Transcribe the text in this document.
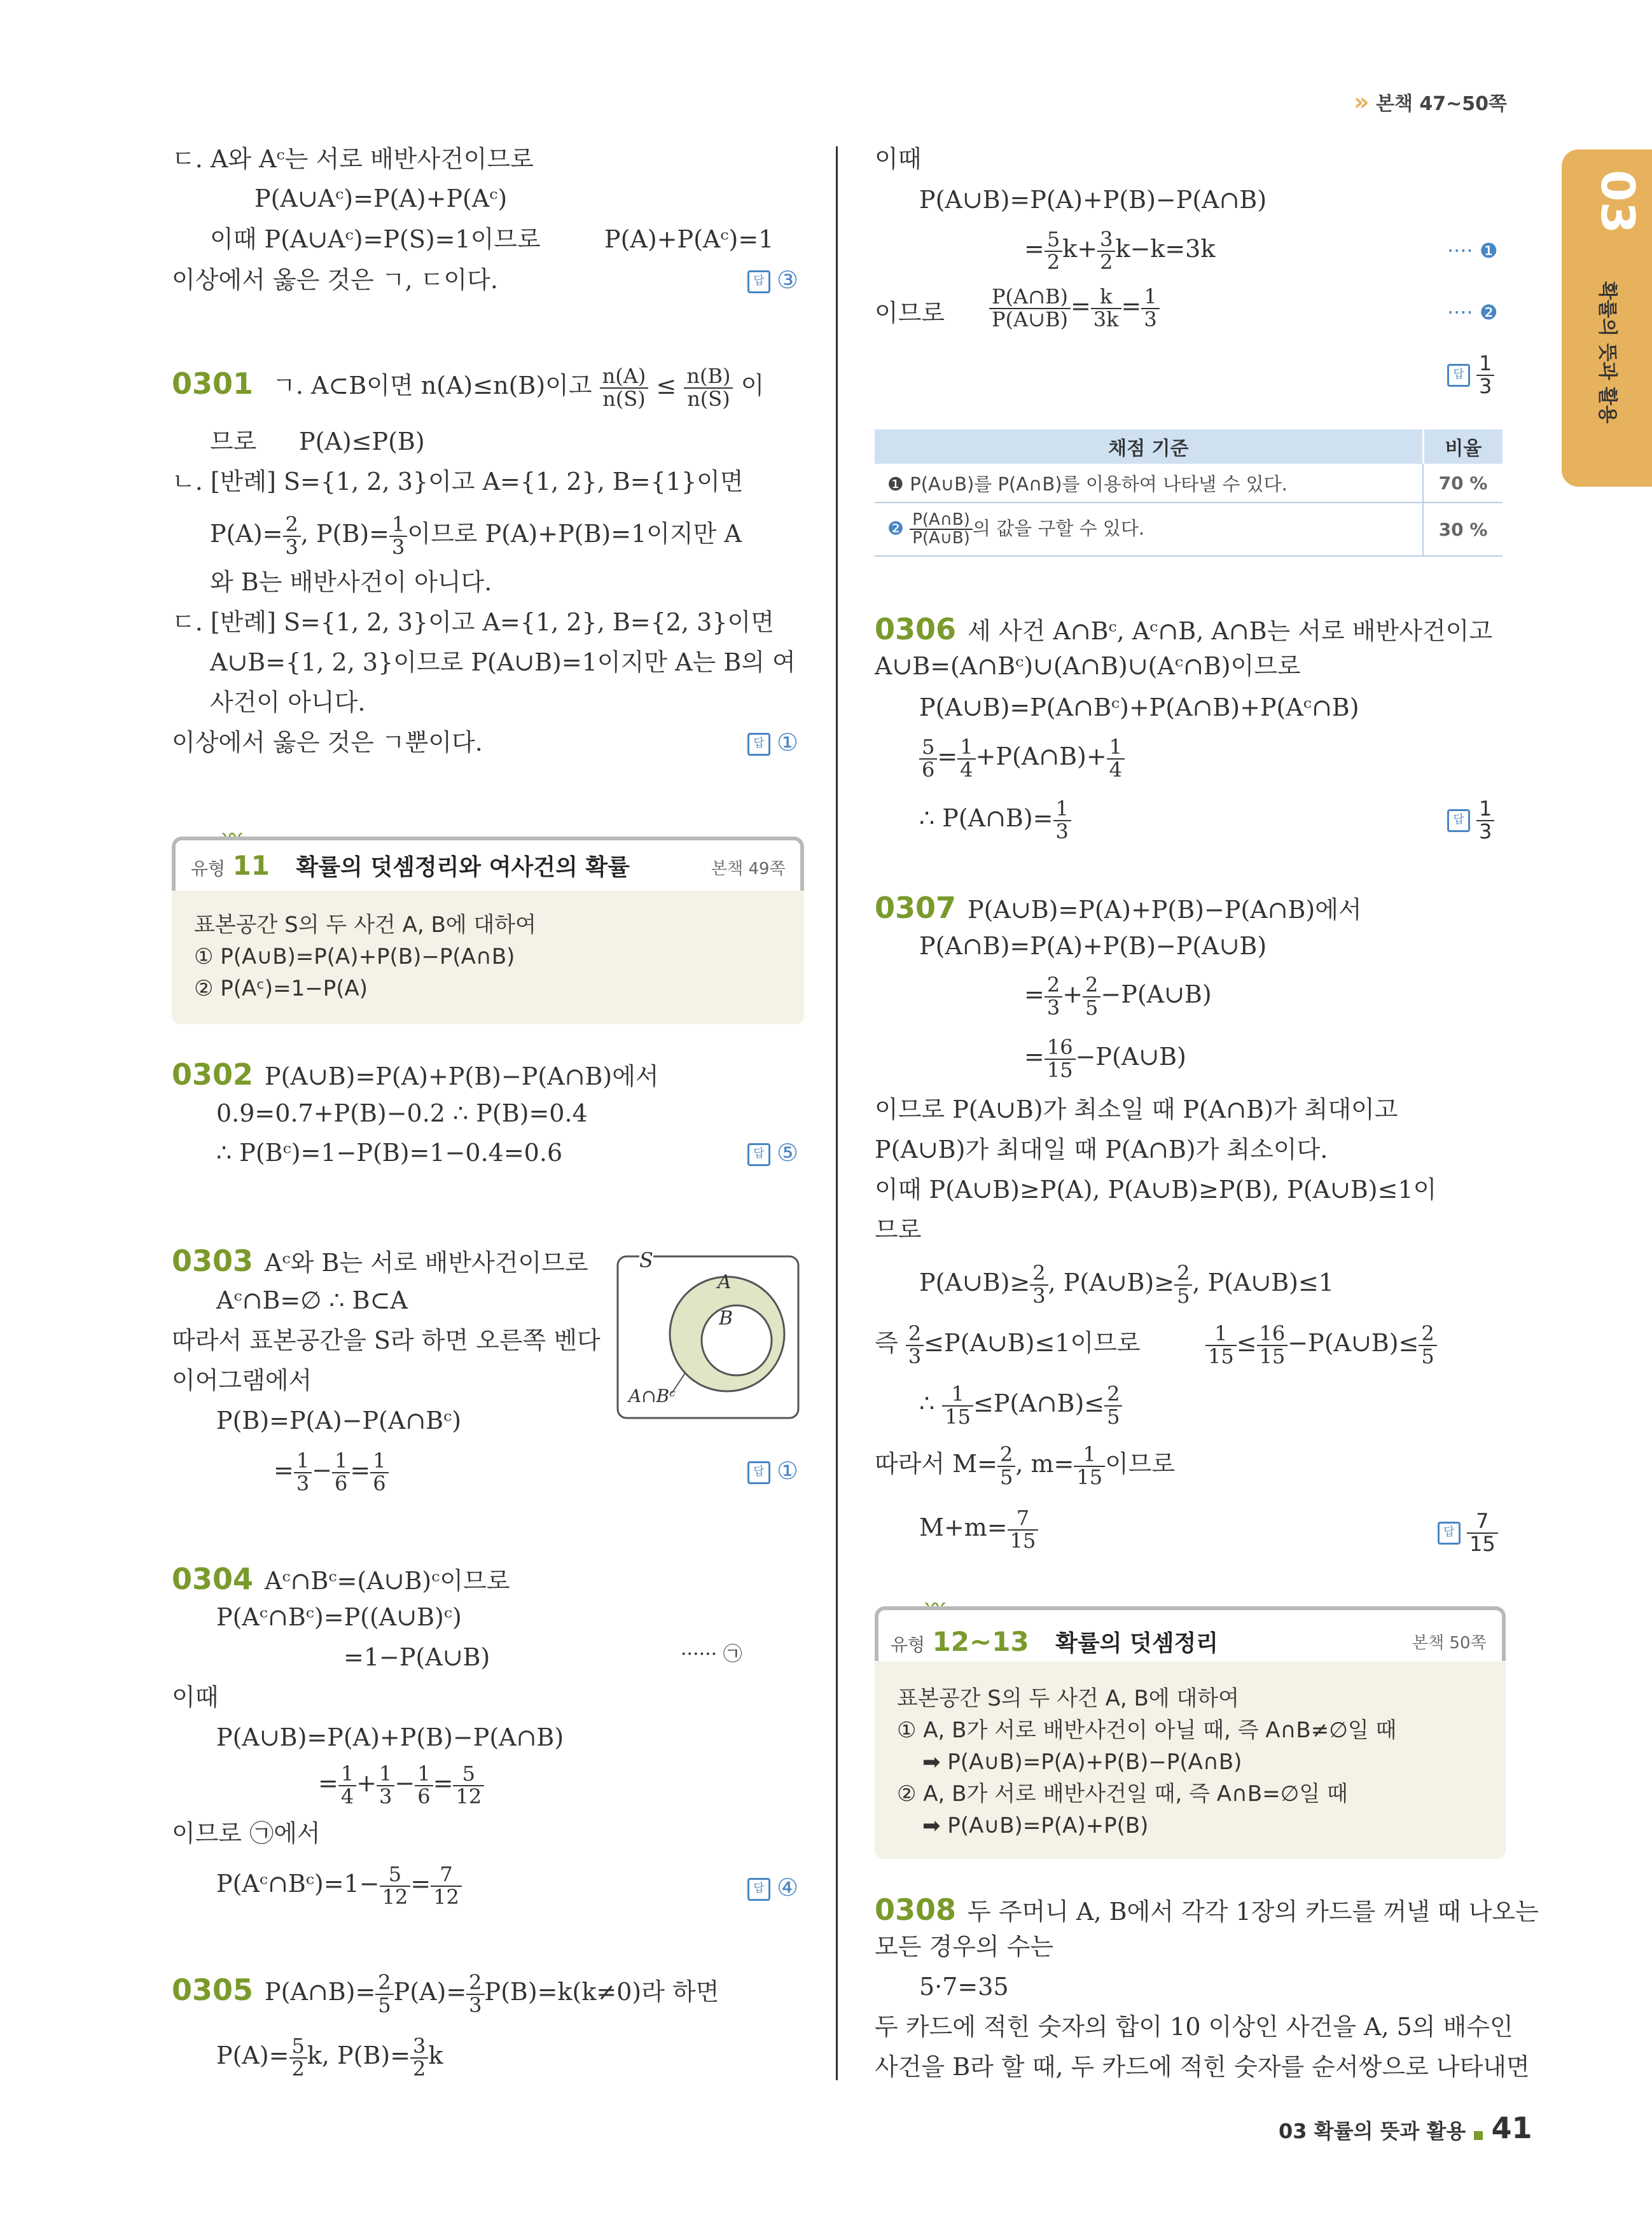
» 본책 47~50쪽
03
확률의 뜻과 활용
ㄷ. A와 Aᶜ는 서로 배반사건이므로
P(A∪Aᶜ)=P(A)+P(Aᶜ)
이때 P(A∪Aᶜ)=P(S)=1이므로	P(A)+P(Aᶜ)=1
이상에서 옳은 것은 ㄱ, ㄷ이다.	답 ③
0301 ㄱ. A⊂B이면 n(A)≤n(B)이고 $\frac{n(A)}{n(S)} \le \frac{n(B)}{n(S)}$ 이
므로 P(A)≤P(B)
ㄴ. [반례] S={1, 2, 3}이고 A={1, 2}, B={1}이면
$P(A)= \frac{2}{3}$ , $P(B)= \frac{1}{3}$ 이므로 P(A)+P(B)=1이지만 A
와 B는 배반사건이 아니다.
ㄷ. [반례] S={1, 2, 3}이고 A={1, 2}, B={2, 3}이면
A∪B={1, 2, 3}이므로 P(A∪B)=1이지만 A는 B의 여
사건이 아니다.
이상에서 옳은 것은 ㄱ뿐이다.	답 ①
유형 11 확률의 덧셈정리와 여사건의 확률	본책 49쪽
표본공간 S의 두 사건 A, B에 대하여
① P(A∪B)=P(A)+P(B)−P(A∩B)
② P(Aᶜ)=1−P(A)
0302 P(A∪B)=P(A)+P(B)−P(A∩B)에서
0.9=0.7+P(B)−0.2 ∴ P(B)=0.4
∴ P(Bᶜ)=1−P(B)=1−0.4=0.6	답 ⑤
0303 Aᶜ와 B는 서로 배반사건이므로
Aᶜ∩B=∅ ∴ B⊂A
따라서 표본공간을 S라 하면 오른쪽 벤다
이어그램에서
P(B)=P(A)−P(A∩Bᶜ)
= $\frac{1}{3} - \frac{1}{6} = \frac{1}{6}$	답 ①
S
A
B
A∩Bᶜ
0304 Aᶜ∩Bᶜ=(A∪B)ᶜ이므로
P(Aᶜ∩Bᶜ)=P((A∪B)ᶜ)
=1−P(A∪B)	······ ㉠
이때
P(A∪B)=P(A)+P(B)−P(A∩B)
= $\frac{1}{4} + \frac{1}{3} - \frac{1}{6} = \frac{5}{12}$
이므로 ㉠에서
P(Aᶜ∩Bᶜ)=1− $\frac{5}{12} = \frac{7}{12}$	답 ④
0305 P(A∩B)= $\frac{2}{5} P(A)= \frac{2}{3} P(B)=k(k\ne 0)$라 하면
$P(A)= \frac{5}{2} k$, $P(B)= \frac{3}{2}$ k
이때
P(A∪B)=P(A)+P(B)−P(A∩B)
= $\frac{5}{2} k+ \frac{3}{2} k-k=3k$	···· ❶
이므로 $\frac{P(A\cap B)}{P(A\cup B)} = \frac{k}{3k} = \frac{1}{3}$	···· ❷
답 $\frac{1}{3}$
채점 기준	비율
❶ P(A∪B)를 P(A∩B)를 이용하여 나타낼 수 있다.	70 %
❷ $\frac{P(A\cap B)}{P(A\cup B)}$ 의 값을 구할 수 있다.	30 %
0306 세 사건 A∩Bᶜ, Aᶜ∩B, A∩B는 서로 배반사건이고
A∪B=(A∩Bᶜ)∪(A∩B)∪(Aᶜ∩B)이므로
P(A∪B)=P(A∩Bᶜ)+P(A∩B)+P(Aᶜ∩B)
$\frac{5}{6} = \frac{1}{4}$ +P(A∩B)+ $\frac{1}{4}$
∴ P(A∩B)= $\frac{1}{3}$	답 $\frac{1}{3}$
0307 P(A∪B)=P(A)+P(B)−P(A∩B)에서
P(A∩B)=P(A)+P(B)−P(A∪B)
= $\frac{2}{3} + \frac{2}{5}$ −P(A∪B)
= $\frac{16}{15}$ −P(A∪B)
이므로 P(A∪B)가 최소일 때 P(A∩B)가 최대이고
P(A∪B)가 최대일 때 P(A∩B)가 최소이다.
이때 P(A∪B)≥P(A), P(A∪B)≥P(B), P(A∪B)≤1이
므로
P(A∪B)≥ $\frac{2}{3}$ , P(A∪B)≥ $\frac{2}{5}$ , P(A∪B)≤1
즉 $\frac{2}{3}$ ≤P(A∪B)≤1이므로	$\frac{1}{15} \le \frac{16}{15}$ −P(A∪B)≤ $\frac{2}{5}$
∴ $\frac{1}{15}$ ≤P(A∩B)≤ $\frac{2}{5}$
따라서 $M= \frac{2}{5}$ , $m= \frac{1}{15}$ 이므로
$M+m= \frac{7}{15}$	답 $\frac{7}{15}$
유형 12~13 확률의 덧셈정리	본책 50쪽
표본공간 S의 두 사건 A, B에 대하여
① A, B가 서로 배반사건이 아닐 때, 즉 A∩B≠∅일 때
➡ P(A∪B)=P(A)+P(B)−P(A∩B)
② A, B가 서로 배반사건일 때, 즉 A∩B=∅일 때
➡ P(A∪B)=P(A)+P(B)
0308 두 주머니 A, B에서 각각 1장의 카드를 꺼낼 때 나오는
모든 경우의 수는
5·7=35
두 카드에 적힌 숫자의 합이 10 이상인 사건을 A, 5의 배수인
사건을 B라 할 때, 두 카드에 적힌 숫자를 순서쌍으로 나타내면
03 확률의 뜻과 활용 41
